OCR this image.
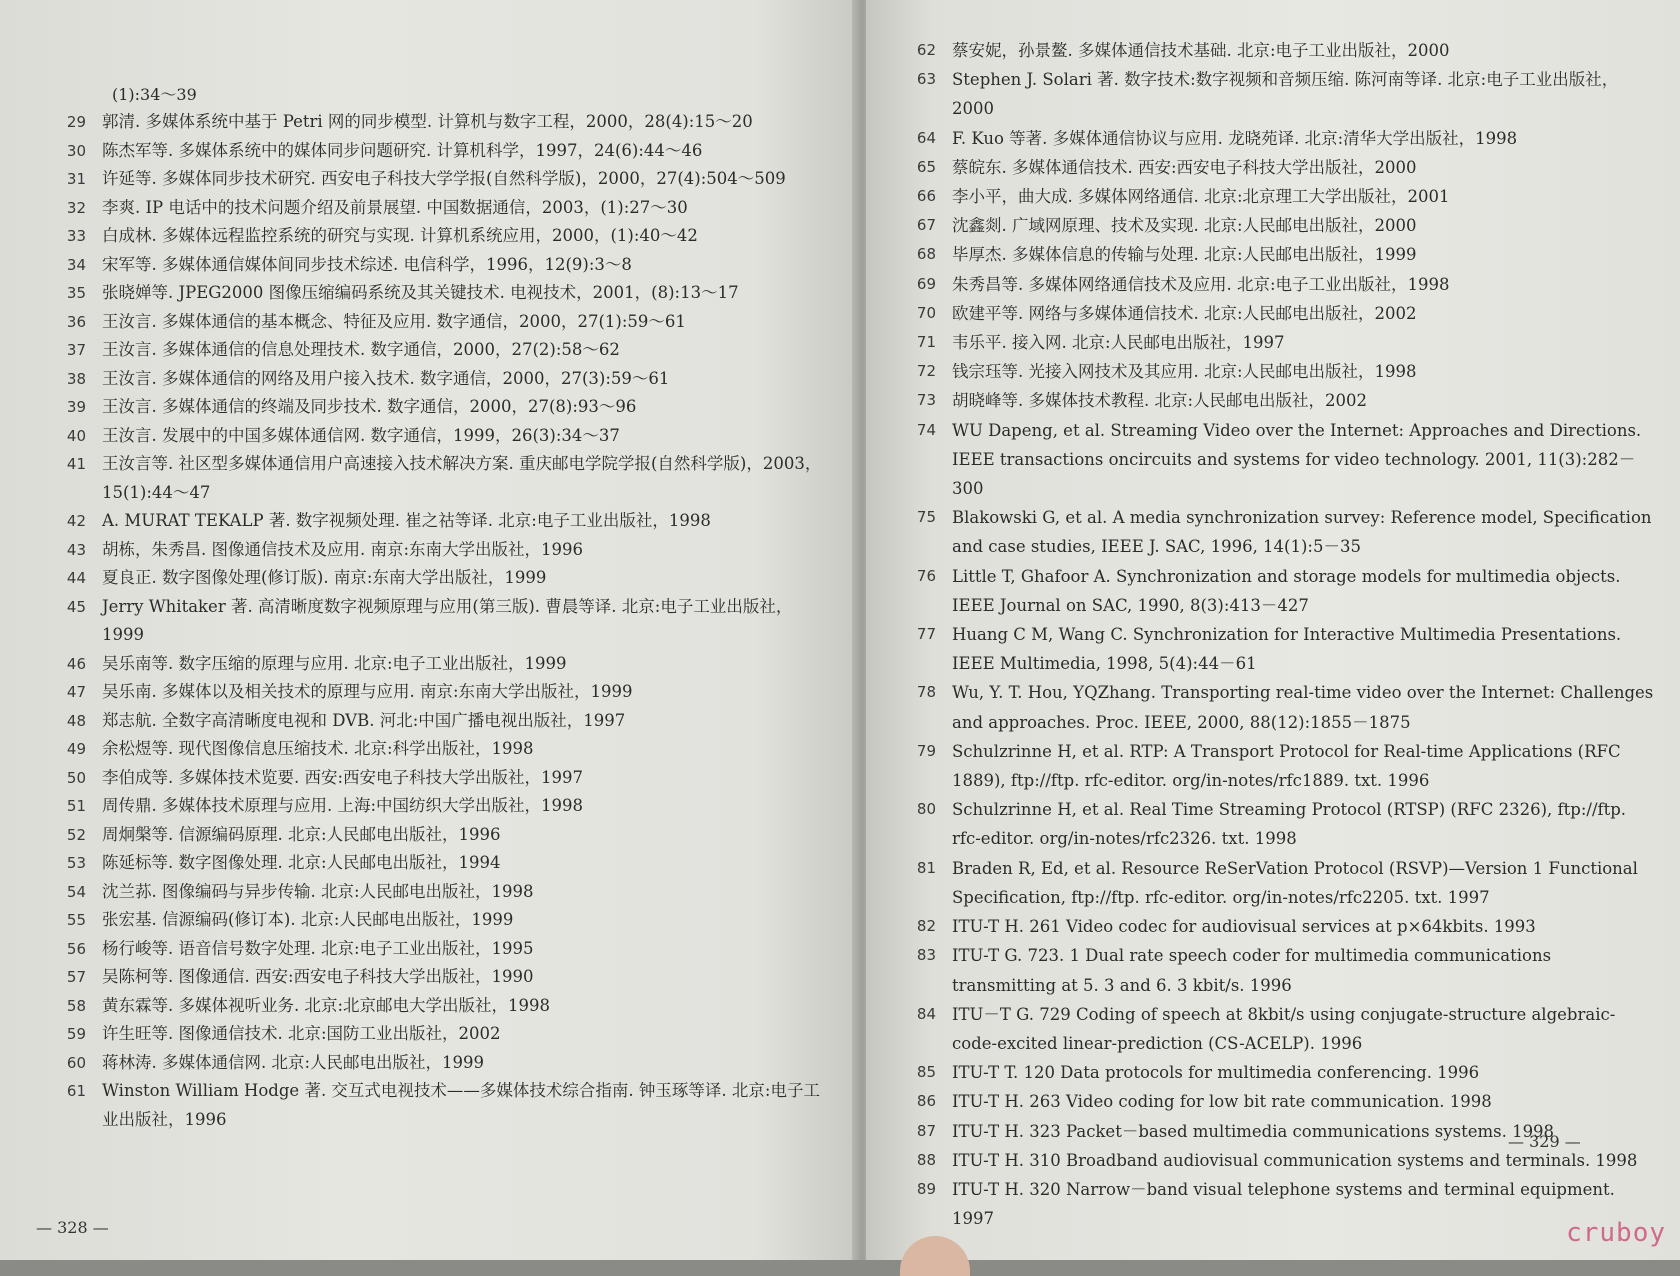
(1):34～39
29 郭清. 多媒体系统中基于 Petri 网的同步模型. 计算机与数字工程，2000，28(4):15～20
30 陈杰军等. 多媒体系统中的媒体同步问题研究. 计算机科学，1997，24(6):44～46
31 许延等. 多媒体同步技术研究. 西安电子科技大学学报(自然科学版)，2000，27(4):504～509
32 李爽. IP 电话中的技术问题介绍及前景展望. 中国数据通信，2003，(1):27～30
33 白成林. 多媒体远程监控系统的研究与实现. 计算机系统应用，2000，(1):40～42
34 宋军等. 多媒体通信媒体间同步技术综述. 电信科学，1996，12(9):3～8
35 张晓婵等. JPEG2000 图像压缩编码系统及其关键技术. 电视技术，2001，(8):13～17
36 王汝言. 多媒体通信的基本概念、特征及应用. 数字通信，2000，27(1):59～61
37 王汝言. 多媒体通信的信息处理技术. 数字通信，2000，27(2):58～62
38 王汝言. 多媒体通信的网络及用户接入技术. 数字通信，2000，27(3):59～61
39 王汝言. 多媒体通信的终端及同步技术. 数字通信，2000，27(8):93～96
40 王汝言. 发展中的中国多媒体通信网. 数字通信，1999，26(3):34～37
41 王汝言等. 社区型多媒体通信用户高速接入技术解决方案. 重庆邮电学院学报(自然科学版)，2003，15(1):44～47
42 A. MURAT TEKALP 著. 数字视频处理. 崔之祜等译. 北京:电子工业出版社，1998
43 胡栋，朱秀昌. 图像通信技术及应用. 南京:东南大学出版社，1996
44 夏良正. 数字图像处理(修订版). 南京:东南大学出版社，1999
45 Jerry Whitaker 著. 高清晰度数字视频原理与应用(第三版). 曹晨等译. 北京:电子工业出版社，1999
46 吴乐南等. 数字压缩的原理与应用. 北京:电子工业出版社，1999
47 吴乐南. 多媒体以及相关技术的原理与应用. 南京:东南大学出版社，1999
48 郑志航. 全数字高清晰度电视和 DVB. 河北:中国广播电视出版社，1997
49 余松煜等. 现代图像信息压缩技术. 北京:科学出版社，1998
50 李伯成等. 多媒体技术览要. 西安:西安电子科技大学出版社，1997
51 周传鼎. 多媒体技术原理与应用. 上海:中国纺织大学出版社，1998
52 周炯槃等. 信源编码原理. 北京:人民邮电出版社，1996
53 陈延标等. 数字图像处理. 北京:人民邮电出版社，1994
54 沈兰荪. 图像编码与异步传输. 北京:人民邮电出版社，1998
55 张宏基. 信源编码(修订本). 北京:人民邮电出版社，1999
56 杨行峻等. 语音信号数字处理. 北京:电子工业出版社，1995
57 吴陈柯等. 图像通信. 西安:西安电子科技大学出版社，1990
58 黄东霖等. 多媒体视听业务. 北京:北京邮电大学出版社，1998
59 许生旺等. 图像通信技术. 北京:国防工业出版社，2002
60 蒋林涛. 多媒体通信网. 北京:人民邮电出版社，1999
61 Winston William Hodge 著. 交互式电视技术——多媒体技术综合指南. 钟玉琢等译. 北京:电子工业出版社，1996
62 蔡安妮，孙景鳌. 多媒体通信技术基础. 北京:电子工业出版社，2000
63 Stephen J. Solari 著. 数字技术:数字视频和音频压缩. 陈河南等译. 北京:电子工业出版社，2000
64 F. Kuo 等著. 多媒体通信协议与应用. 龙晓苑译. 北京:清华大学出版社，1998
65 蔡皖东. 多媒体通信技术. 西安:西安电子科技大学出版社，2000
66 李小平，曲大成. 多媒体网络通信. 北京:北京理工大学出版社，2001
67 沈鑫剡. 广域网原理、技术及实现. 北京:人民邮电出版社，2000
68 毕厚杰. 多媒体信息的传输与处理. 北京:人民邮电出版社，1999
69 朱秀昌等. 多媒体网络通信技术及应用. 北京:电子工业出版社，1998
70 欧建平等. 网络与多媒体通信技术. 北京:人民邮电出版社，2002
71 韦乐平. 接入网. 北京:人民邮电出版社，1997
72 钱宗珏等. 光接入网技术及其应用. 北京:人民邮电出版社，1998
73 胡晓峰等. 多媒体技术教程. 北京:人民邮电出版社，2002
74 WU Dapeng, et al. Streaming Video over the Internet: Approaches and Directions. IEEE transactions oncircuits and systems for video technology. 2001, 11(3):282－300
75 Blakowski G, et al. A media synchronization survey: Reference model, Specification and case studies, IEEE J. SAC, 1996, 14(1):5－35
76 Little T, Ghafoor A. Synchronization and storage models for multimedia objects. IEEE Journal on SAC, 1990, 8(3):413－427
77 Huang C M, Wang C. Synchronization for Interactive Multimedia Presentations. IEEE Multimedia, 1998, 5(4):44－61
78 Wu, Y. T. Hou, YQZhang. Transporting real-time video over the Internet: Challenges and approaches. Proc. IEEE, 2000, 88(12):1855－1875
79 Schulzrinne H, et al. RTP: A Transport Protocol for Real-time Applications (RFC 1889), ftp://ftp. rfc-editor. org/in-notes/rfc1889. txt. 1996
80 Schulzrinne H, et al. Real Time Streaming Protocol (RTSP) (RFC 2326), ftp://ftp. rfc-editor. org/in-notes/rfc2326. txt. 1998
81 Braden R, Ed, et al. Resource ReSerVation Protocol (RSVP)—Version 1 Functional Specification, ftp://ftp. rfc-editor. org/in-notes/rfc2205. txt. 1997
82 ITU-T H. 261 Video codec for audiovisual services at p×64kbits. 1993
83 ITU-T G. 723. 1 Dual rate speech coder for multimedia communications transmitting at 5. 3 and 6. 3 kbit/s. 1996
84 ITU－T G. 729 Coding of speech at 8kbit/s using conjugate-structure algebraic-code-excited linear-prediction (CS-ACELP). 1996
85 ITU-T T. 120 Data protocols for multimedia conferencing. 1996
86 ITU-T H. 263 Video coding for low bit rate communication. 1998
87 ITU-T H. 323 Packet－based multimedia communications systems. 1998
88 ITU-T H. 310 Broadband audiovisual communication systems and terminals. 1998
89 ITU-T H. 320 Narrow－band visual telephone systems and terminal equipment. 1997
— 328 —
— 329 —
cruboy
